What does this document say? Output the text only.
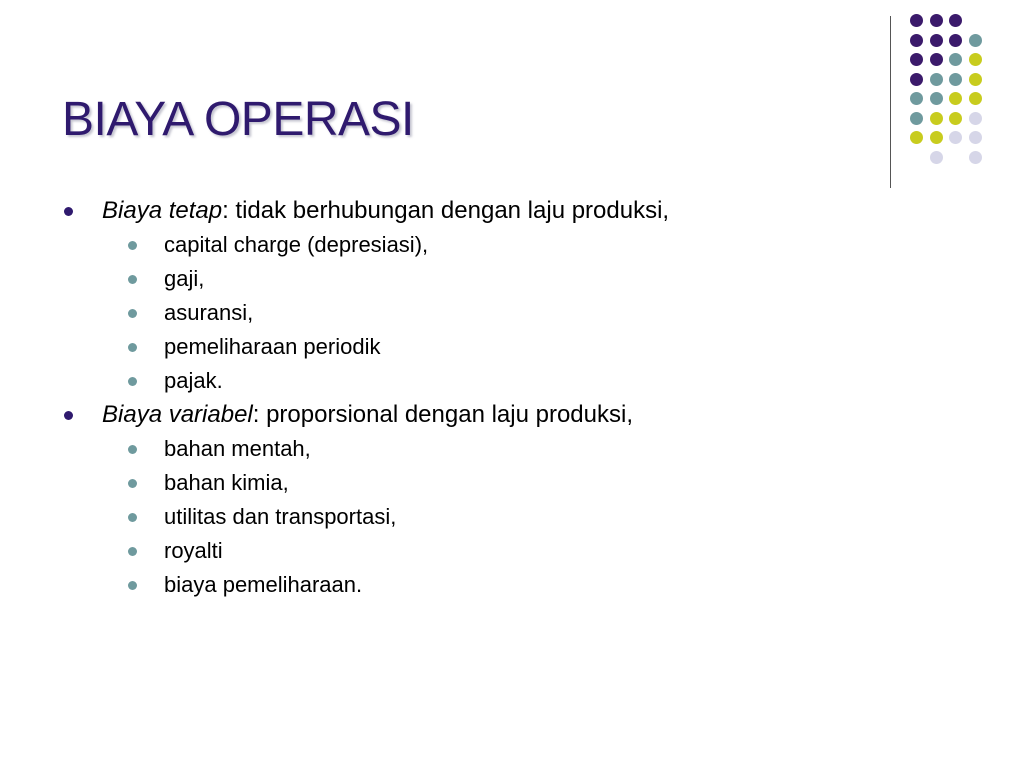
BIAYA OPERASI
Biaya tetap: tidak berhubungan dengan laju produksi,
capital charge (depresiasi),
gaji,
asuransi,
pemeliharaan periodik
pajak.
Biaya variabel: proporsional dengan laju produksi,
bahan mentah,
bahan kimia,
utilitas dan transportasi,
royalti
biaya pemeliharaan.
